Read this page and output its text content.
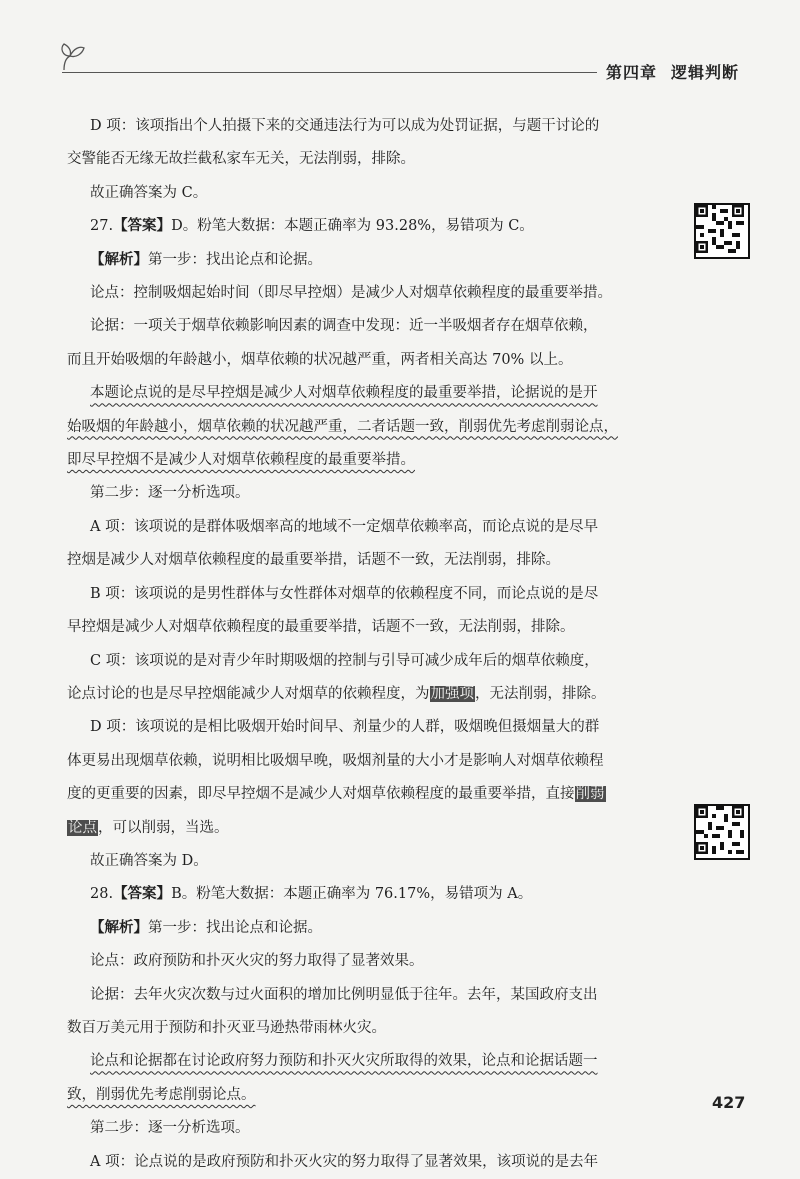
第四章 逻辑判断

D 项：该项指出个人拍摄下来的交通违法行为可以成为处罚证据，与题干讨论的

交警能否无缘无故拦截私家车无关，无法削弱，排除。

故正确答案为 C。

27.【答案】D。粉笔大数据：本题正确率为 93.28%，易错项为 C。

【解析】第一步：找出论点和论据。

论点：控制吸烟起始时间（即尽早控烟）是减少人对烟草依赖程度的最重要举措。

论据：一项关于烟草依赖影响因素的调查中发现：近一半吸烟者存在烟草依赖，

而且开始吸烟的年龄越小，烟草依赖的状况越严重，两者相关高达 70% 以上。

本题论点说的是尽早控烟是减少人对烟草依赖程度的最重要举措，论据说的是开

始吸烟的年龄越小，烟草依赖的状况越严重，二者话题一致，削弱优先考虑削弱论点，

即尽早控烟不是减少人对烟草依赖程度的最重要举措。

第二步：逐一分析选项。

A 项：该项说的是群体吸烟率高的地域不一定烟草依赖率高，而论点说的是尽早

控烟是减少人对烟草依赖程度的最重要举措，话题不一致，无法削弱，排除。

B 项：该项说的是男性群体与女性群体对烟草的依赖程度不同，而论点说的是尽

早控烟是减少人对烟草依赖程度的最重要举措，话题不一致，无法削弱，排除。

C 项：该项说的是对青少年时期吸烟的控制与引导可减少成年后的烟草依赖度，

论点讨论的也是尽早控烟能减少人对烟草的依赖程度，为加强项，无法削弱，排除。

D 项：该项说的是相比吸烟开始时间早、剂量少的人群，吸烟晚但摄烟量大的群

体更易出现烟草依赖，说明相比吸烟早晚，吸烟剂量的大小才是影响人对烟草依赖程

度的更重要的因素，即尽早控烟不是减少人对烟草依赖程度的最重要举措，直接削弱

论点，可以削弱，当选。

故正确答案为 D。

28.【答案】B。粉笔大数据：本题正确率为 76.17%，易错项为 A。

【解析】第一步：找出论点和论据。

论点：政府预防和扑灭火灾的努力取得了显著效果。

论据：去年火灾次数与过火面积的增加比例明显低于往年。去年，某国政府支出

数百万美元用于预防和扑灭亚马逊热带雨林火灾。

论点和论据都在讨论政府努力预防和扑灭火灾所取得的效果，论点和论据话题一

致，削弱优先考虑削弱论点。

第二步：逐一分析选项。

A 项：论点说的是政府预防和扑灭火灾的努力取得了显著效果，该项说的是去年

427
